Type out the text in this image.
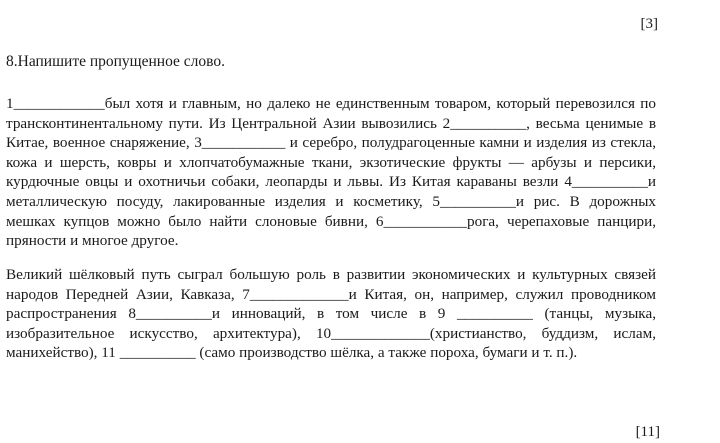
[3]
8.Напишите пропущенное слово.

1____________был хотя и главным, но далеко не единственным товаром, который перевозился по трансконтинентальному пути. Из Центральной Азии вывозились 2__________, весьма ценимые в Китае, военное снаряжение, 3___________ и серебро, полудрагоценные камни и изделия из стекла, кожа и шерсть, ковры и хлопчатобумажные ткани, экзотические фрукты — арбузы и персики, курдючные овцы и охотничьи собаки, леопарды и львы. Из Китая караваны везли 4__________и металлическую посуду, лакированные изделия и косметику, 5__________и рис. В дорожных мешках купцов можно было найти слоновые бивни, 6___________рога, черепаховые панцири, пряности и многое другое.

Великий шёлковый путь сыграл большую роль в развитии экономических и культурных связей народов Передней Азии, Кавказа, 7_____________и Китая, он, например, служил проводником распространения 8__________и инноваций, в том числе в 9 __________ (танцы, музыка, изобразительное искусство, архитектура), 10_____________(христианство, буддизм, ислам, манихейство), 11 __________ (само производство шёлка, а также пороха, бумаги и т. п.).

[11]
